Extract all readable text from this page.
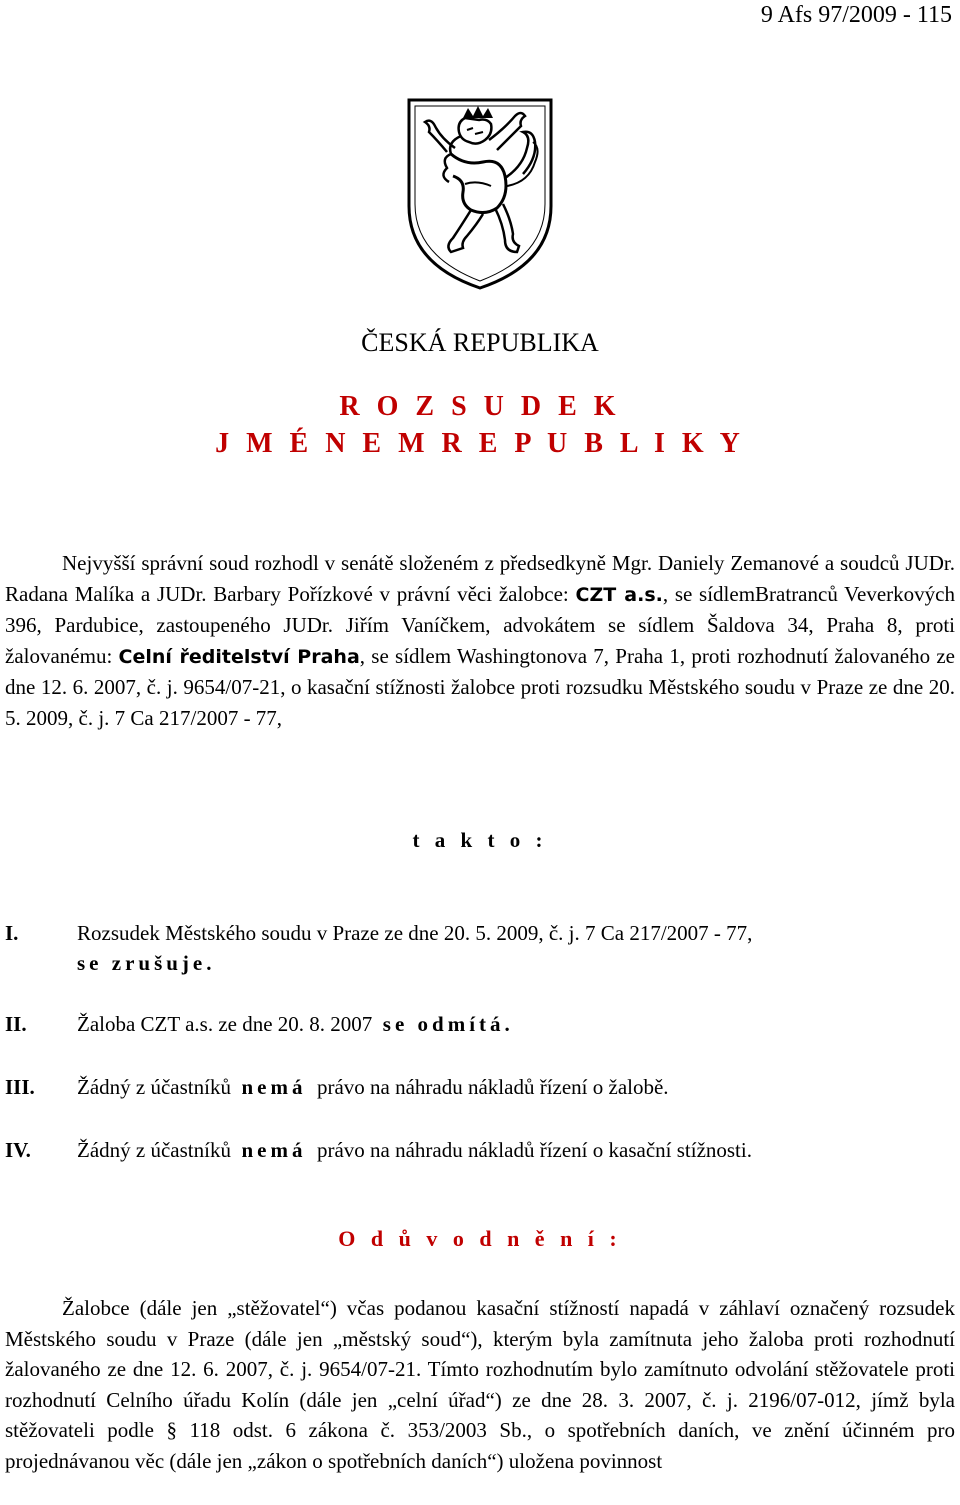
9 Afs 97/2009 - 115
ČESKÁ REPUBLIKA
R O Z S U D E K
J M É N E M R E P U B L I K Y
Nejvyšší správní soud rozhodl v senátě složeném z předsedkyně Mgr. Daniely Zemanové a soudců JUDr. Radana Malíka a JUDr. Barbary Pořízkové v právní věci žalobce: CZT a.s., se sídlemBratranců Veverkových 396, Pardubice, zastoupeného JUDr. Jiřím Vaníčkem, advokátem se sídlem Šaldova 34, Praha 8, proti žalovanému: Celní ředitelství Praha, se sídlem Washingtonova 7, Praha 1, proti rozhodnutí žalovaného ze dne 12. 6. 2007, č. j. 9654/07-21, o kasační stížnosti žalobce proti rozsudku Městského soudu v Praze ze dne 20. 5. 2009, č. j. 7 Ca 217/2007 - 77,
t a k t o :
I.	Rozsudek Městského soudu v Praze ze dne 20. 5. 2009, č. j. 7 Ca 217/2007 - 77,
se zrušuje.
II. Žaloba CZT a.s. ze dne 20. 8. 2007 se odmítá.
III. Žádný z účastníků nemá právo na náhradu nákladů řízení o žalobě.
IV. Žádný z účastníků nemá právo na náhradu nákladů řízení o kasační stížnosti.
O d ů v o d n ě n í :
Žalobce (dále jen „stěžovatel“) včas podanou kasační stížností napadá v záhlaví označený rozsudek Městského soudu v Praze (dále jen „městský soud“), kterým byla zamítnuta jeho žaloba proti rozhodnutí žalovaného ze dne 12. 6. 2007, č. j. 9654/07-21. Tímto rozhodnutím bylo zamítnuto odvolání stěžovatele proti rozhodnutí Celního úřadu Kolín (dále jen „celní úřad“) ze dne 28. 3. 2007, č. j. 2196/07-012, jímž byla stěžovateli podle § 118 odst. 6 zákona č. 353/2003 Sb., o spotřebních daních, ve znění účinném pro projednávanou věc (dále jen „zákon o spotřebních daních“) uložena povinnost
